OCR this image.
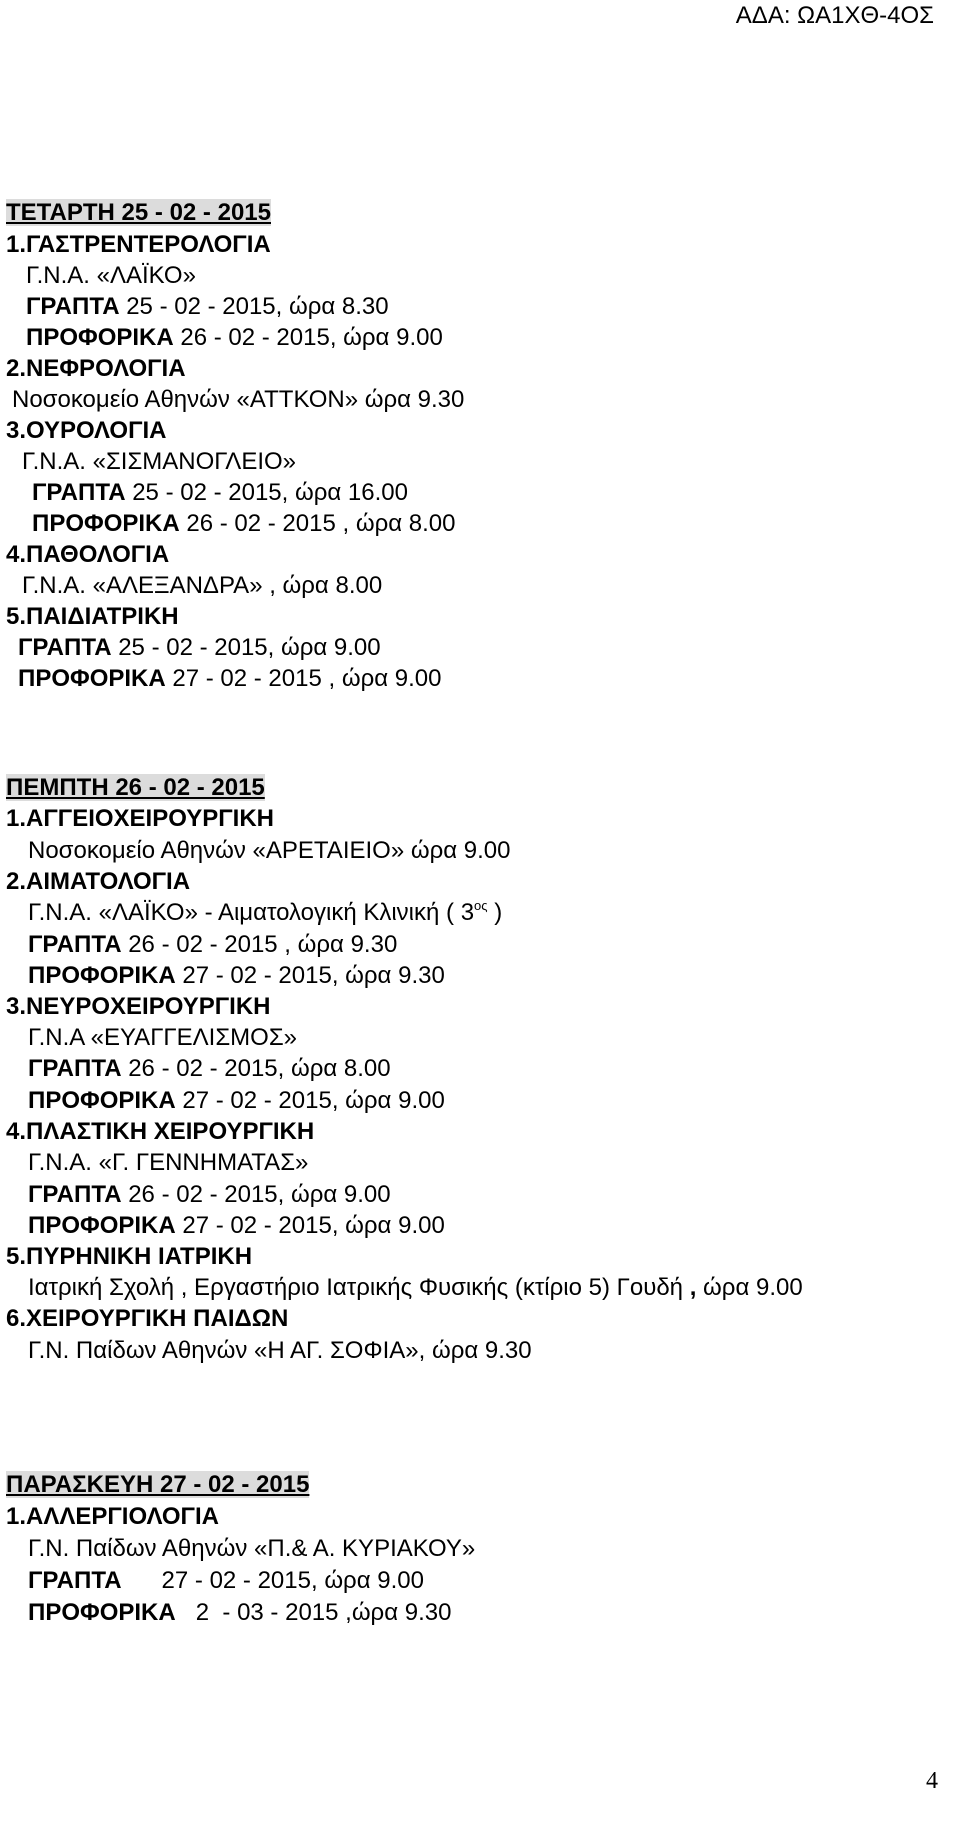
ΑΔΑ: ΩΑ1ΧΘ-4ΟΣ
ΤΕΤΑΡΤΗ 25 - 02 - 2015
1.ΓΑΣΤΡΕΝΤΕΡΟΛΟΓΙΑ
Γ.Ν.Α. «ΛΑΪΚΟ»
ΓΡΑΠΤΑ 25 - 02 - 2015, ώρα 8.30
ΠΡΟΦΟΡΙΚΑ 26 - 02 - 2015, ώρα 9.00
2.ΝΕΦΡΟΛΟΓΙΑ
Νοσοκομείο Αθηνών «ΑΤΤΚΟΝ» ώρα 9.30
3.ΟΥΡΟΛΟΓΙΑ
Γ.Ν.Α. «ΣΙΣΜΑΝΟΓΛΕΙΟ»
ΓΡΑΠΤΑ 25 - 02 - 2015, ώρα 16.00
ΠΡΟΦΟΡΙΚΑ 26 - 02 - 2015 , ώρα 8.00
4.ΠΑΘΟΛΟΓΙΑ
Γ.Ν.Α. «ΑΛΕΞΑΝΔΡΑ» , ώρα 8.00
5.ΠΑΙΔΙΑΤΡΙΚΗ
ΓΡΑΠΤΑ 25 - 02 - 2015, ώρα 9.00
ΠΡΟΦΟΡΙΚΑ 27 - 02 - 2015 , ώρα 9.00
ΠΕΜΠΤΗ 26 - 02 - 2015
1.ΑΓΓΕΙΟΧΕΙΡΟΥΡΓΙΚΗ
Νοσοκομείο Αθηνών «ΑΡΕΤΑΙΕΙΟ» ώρα 9.00
2.ΑΙΜΑΤΟΛΟΓΙΑ
Γ.Ν.Α. «ΛΑΪΚΟ» - Αιματολογική Κλινική ( $3^{o\varsigma}$ )
ΓΡΑΠΤΑ 26 - 02 - 2015 , ώρα 9.30
ΠΡΟΦΟΡΙΚΑ 27 - 02 - 2015, ώρα 9.30
3.ΝΕΥΡΟΧΕΙΡΟΥΡΓΙΚΗ
Γ.Ν.Α «ΕΥΑΓΓΕΛΙΣΜΟΣ»
ΓΡΑΠΤΑ 26 - 02 - 2015, ώρα 8.00
ΠΡΟΦΟΡΙΚΑ 27 - 02 - 2015, ώρα 9.00
4.ΠΛΑΣΤΙΚΗ ΧΕΙΡΟΥΡΓΙΚΗ
Γ.Ν.Α. «Γ. ΓΕΝΝΗΜΑΤΑΣ»
ΓΡΑΠΤΑ 26 - 02 - 2015, ώρα 9.00
ΠΡΟΦΟΡΙΚΑ 27 - 02 - 2015, ώρα 9.00
5.ΠΥΡΗΝΙΚΗ ΙΑΤΡΙΚΗ
Ιατρική Σχολή , Εργαστήριο Ιατρικής Φυσικής (κτίριο 5) Γουδή , ώρα 9.00
6.ΧΕΙΡΟΥΡΓΙΚΗ ΠΑΙΔΩΝ
Γ.Ν. Παίδων Αθηνών «Η ΑΓ. ΣΟΦΙΑ», ώρα 9.30
ΠΑΡΑΣΚΕΥΗ 27 - 02 - 2015
1.ΑΛΛΕΡΓΙΟΛΟΓΙΑ
Γ.Ν. Παίδων Αθηνών «Π.& Α. ΚΥΡΙΑΚΟΥ»
ΓΡΑΠΤΑ      27 - 02 - 2015, ώρα 9.00
ΠΡΟΦΟΡΙΚΑ   2  - 03 - 2015 ,ώρα 9.30
4
